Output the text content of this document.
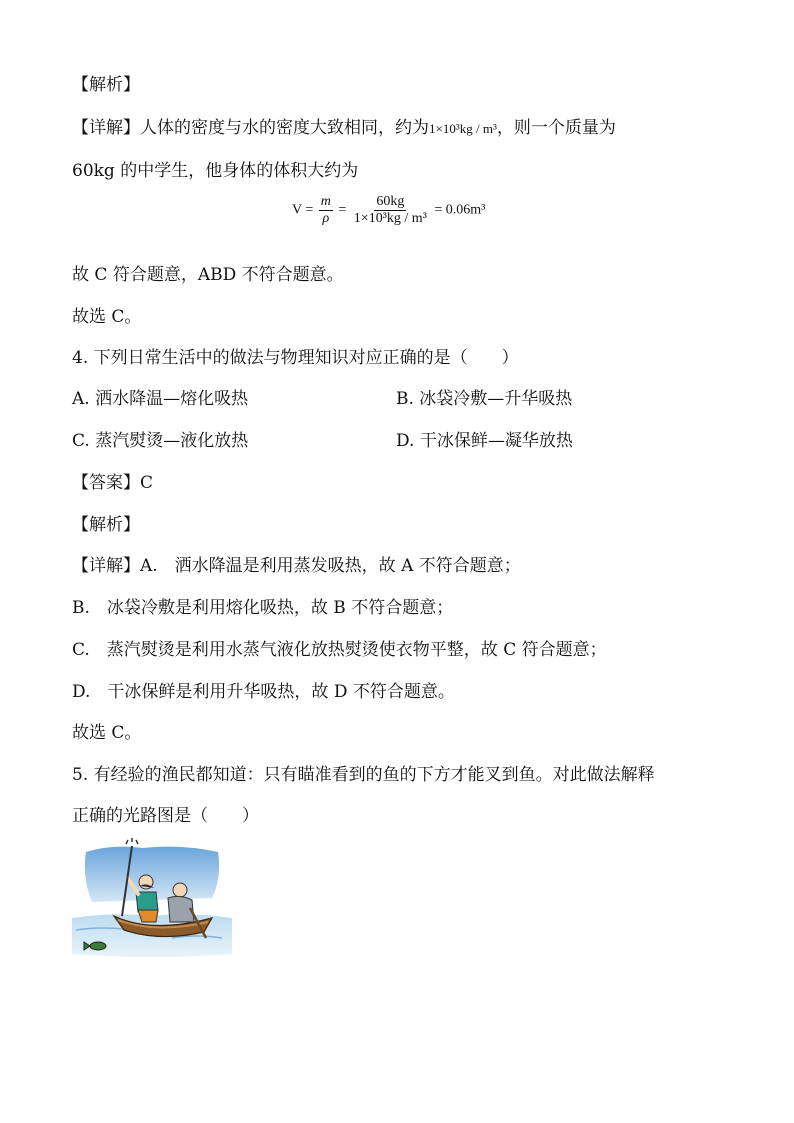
【解析】
【详解】人体的密度与水的密度大致相同，约为1×10³kg / m³，则一个质量为
60kg 的中学生，他身体的体积大约为
$V = \frac{m}{\rho} = \frac{60kg}{\text{1×10³kg / m³}} = 0.06m^3$
故 C 符合题意，ABD 不符合题意。
故选 C。
4. 下列日常生活中的做法与物理知识对应正确的是（　　）
A. 洒水降温—熔化吸热	B. 冰袋冷敷—升华吸热
C. 蒸汽熨烫—液化放热	D. 干冰保鲜—凝华放热
【答案】C
【解析】
【详解】A.　洒水降温是利用蒸发吸热，故 A 不符合题意；
B.　冰袋冷敷是利用熔化吸热，故 B 不符合题意；
C.　蒸汽熨烫是利用水蒸气液化放热熨烫使衣物平整，故 C 符合题意；
D.　干冰保鲜是利用升华吸热，故 D 不符合题意。
故选 C。
5. 有经验的渔民都知道：只有瞄准看到的鱼的下方才能叉到鱼。对此做法解释
正确的光路图是（　　）
